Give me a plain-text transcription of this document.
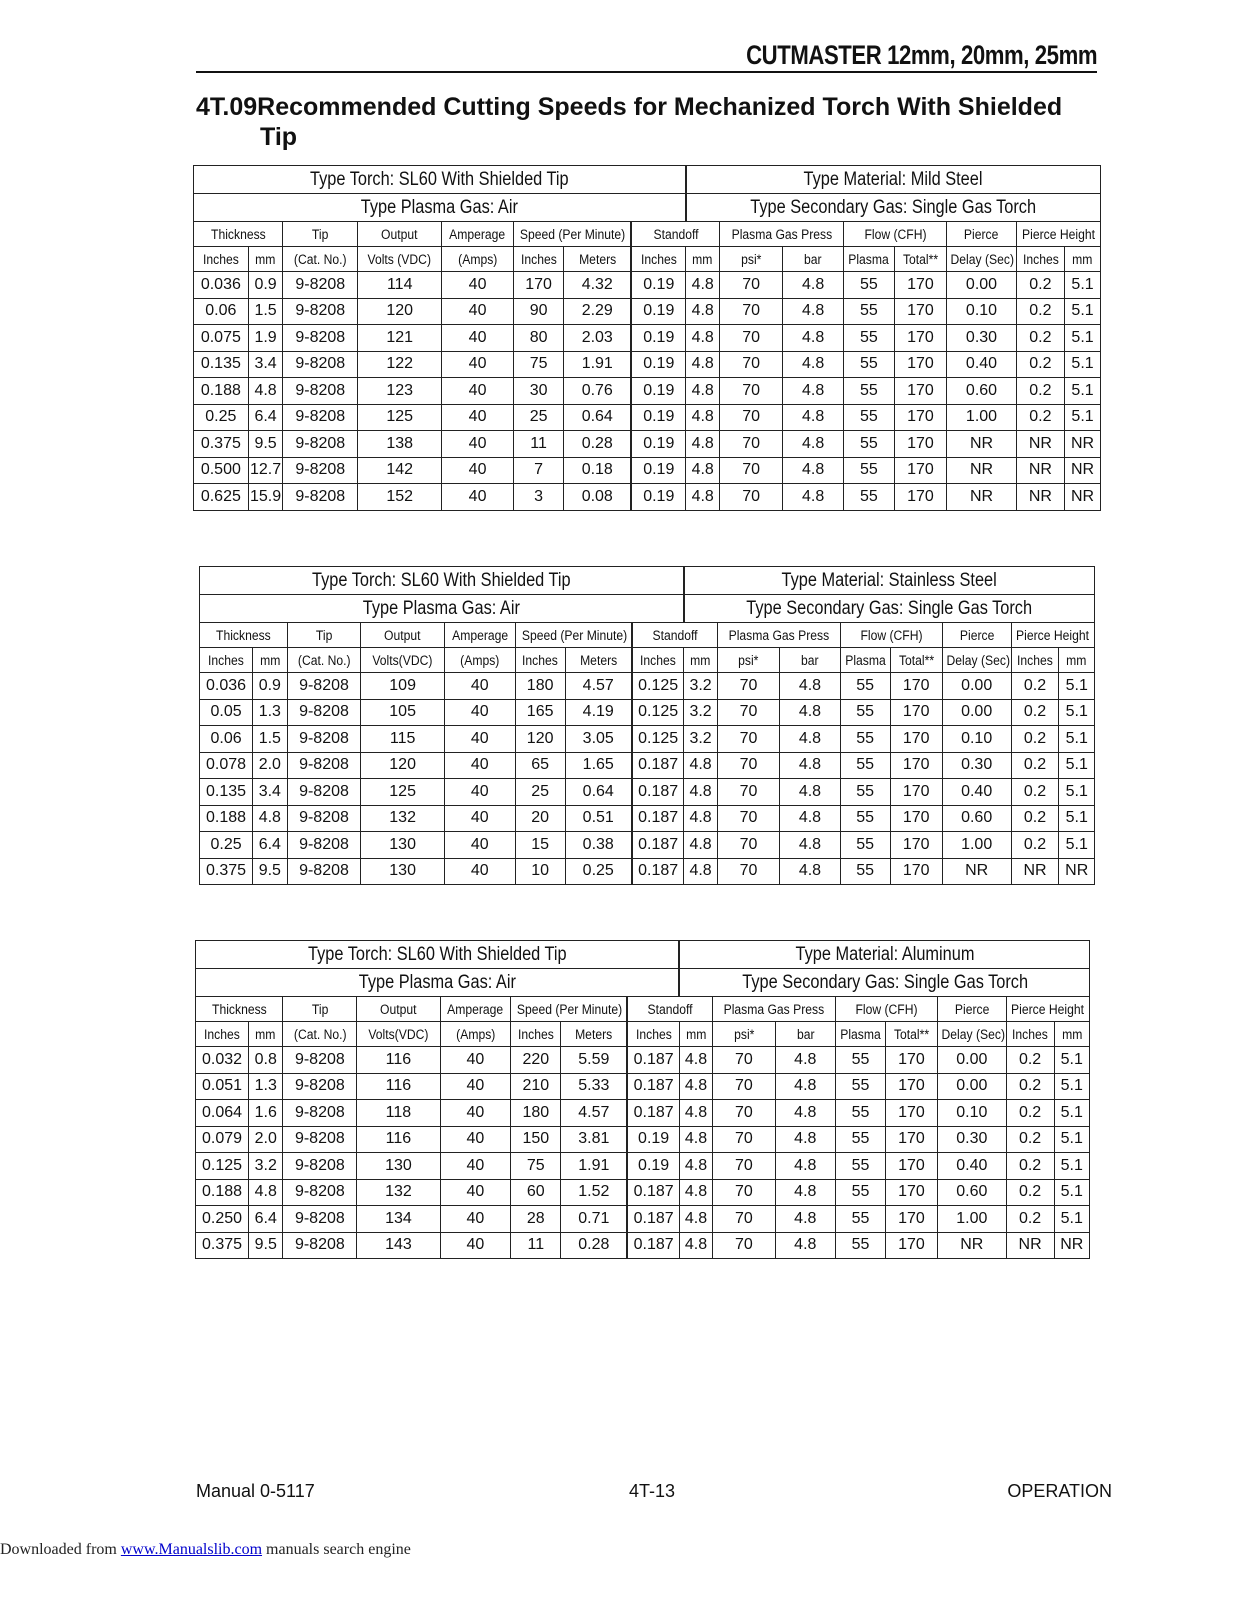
CUTMASTER 12mm, 20mm, 25mm
4T.09Recommended Cutting Speeds for Mechanized Torch With Shielded
Tip
Type Torch: SL60 With Shielded Tip								Type Material: Mild Steel							
Type Plasma Gas: Air								Type Secondary Gas: Single Gas Torch							
Thickness		Tip	Output	Amperage	Speed (Per Minute)		Standoff		Plasma Gas Press		Flow (CFH)		Pierce	Pierce Height	
Inches	mm	(Cat. No.)	Volts (VDC)	(Amps)	Inches	Meters	Inches	mm	psi*	bar	Plasma	Total**	Delay (Sec)	Inches	mm
0.036	0.9	9-8208	114	40	170	4.32	0.19	4.8	70	4.8	55	170	0.00	0.2	5.1
0.06	1.5	9-8208	120	40	90	2.29	0.19	4.8	70	4.8	55	170	0.10	0.2	5.1
0.075	1.9	9-8208	121	40	80	2.03	0.19	4.8	70	4.8	55	170	0.30	0.2	5.1
0.135	3.4	9-8208	122	40	75	1.91	0.19	4.8	70	4.8	55	170	0.40	0.2	5.1
0.188	4.8	9-8208	123	40	30	0.76	0.19	4.8	70	4.8	55	170	0.60	0.2	5.1
0.25	6.4	9-8208	125	40	25	0.64	0.19	4.8	70	4.8	55	170	1.00	0.2	5.1
0.375	9.5	9-8208	138	40	11	0.28	0.19	4.8	70	4.8	55	170	NR	NR	NR
0.500	12.7	9-8208	142	40	7	0.18	0.19	4.8	70	4.8	55	170	NR	NR	NR
0.625	15.9	9-8208	152	40	3	0.08	0.19	4.8	70	4.8	55	170	NR	NR	NR
Type Torch: SL60 With Shielded Tip								Type Material: Stainless Steel							
Type Plasma Gas: Air								Type Secondary Gas: Single Gas Torch							
Thickness		Tip	Output	Amperage	Speed (Per Minute)		Standoff		Plasma Gas Press		Flow (CFH)		Pierce	Pierce Height	
Inches	mm	(Cat. No.)	Volts(VDC)	(Amps)	Inches	Meters	Inches	mm	psi*	bar	Plasma	Total**	Delay (Sec)	Inches	mm
0.036	0.9	9-8208	109	40	180	4.57	0.125	3.2	70	4.8	55	170	0.00	0.2	5.1
0.05	1.3	9-8208	105	40	165	4.19	0.125	3.2	70	4.8	55	170	0.00	0.2	5.1
0.06	1.5	9-8208	115	40	120	3.05	0.125	3.2	70	4.8	55	170	0.10	0.2	5.1
0.078	2.0	9-8208	120	40	65	1.65	0.187	4.8	70	4.8	55	170	0.30	0.2	5.1
0.135	3.4	9-8208	125	40	25	0.64	0.187	4.8	70	4.8	55	170	0.40	0.2	5.1
0.188	4.8	9-8208	132	40	20	0.51	0.187	4.8	70	4.8	55	170	0.60	0.2	5.1
0.25	6.4	9-8208	130	40	15	0.38	0.187	4.8	70	4.8	55	170	1.00	0.2	5.1
0.375	9.5	9-8208	130	40	10	0.25	0.187	4.8	70	4.8	55	170	NR	NR	NR
Type Torch: SL60 With Shielded Tip								Type Material: Aluminum							
Type Plasma Gas: Air								Type Secondary Gas: Single Gas Torch							
Thickness		Tip	Output	Amperage	Speed (Per Minute)		Standoff		Plasma Gas Press		Flow (CFH)		Pierce	Pierce Height	
Inches	mm	(Cat. No.)	Volts(VDC)	(Amps)	Inches	Meters	Inches	mm	psi*	bar	Plasma	Total**	Delay (Sec)	Inches	mm
0.032	0.8	9-8208	116	40	220	5.59	0.187	4.8	70	4.8	55	170	0.00	0.2	5.1
0.051	1.3	9-8208	116	40	210	5.33	0.187	4.8	70	4.8	55	170	0.00	0.2	5.1
0.064	1.6	9-8208	118	40	180	4.57	0.187	4.8	70	4.8	55	170	0.10	0.2	5.1
0.079	2.0	9-8208	116	40	150	3.81	0.19	4.8	70	4.8	55	170	0.30	0.2	5.1
0.125	3.2	9-8208	130	40	75	1.91	0.19	4.8	70	4.8	55	170	0.40	0.2	5.1
0.188	4.8	9-8208	132	40	60	1.52	0.187	4.8	70	4.8	55	170	0.60	0.2	5.1
0.250	6.4	9-8208	134	40	28	0.71	0.187	4.8	70	4.8	55	170	1.00	0.2	5.1
0.375	9.5	9-8208	143	40	11	0.28	0.187	4.8	70	4.8	55	170	NR	NR	NR
Manual 0-5117	4T-13	OPERATION
Downloaded from www.Manualslib.com manuals search engine
